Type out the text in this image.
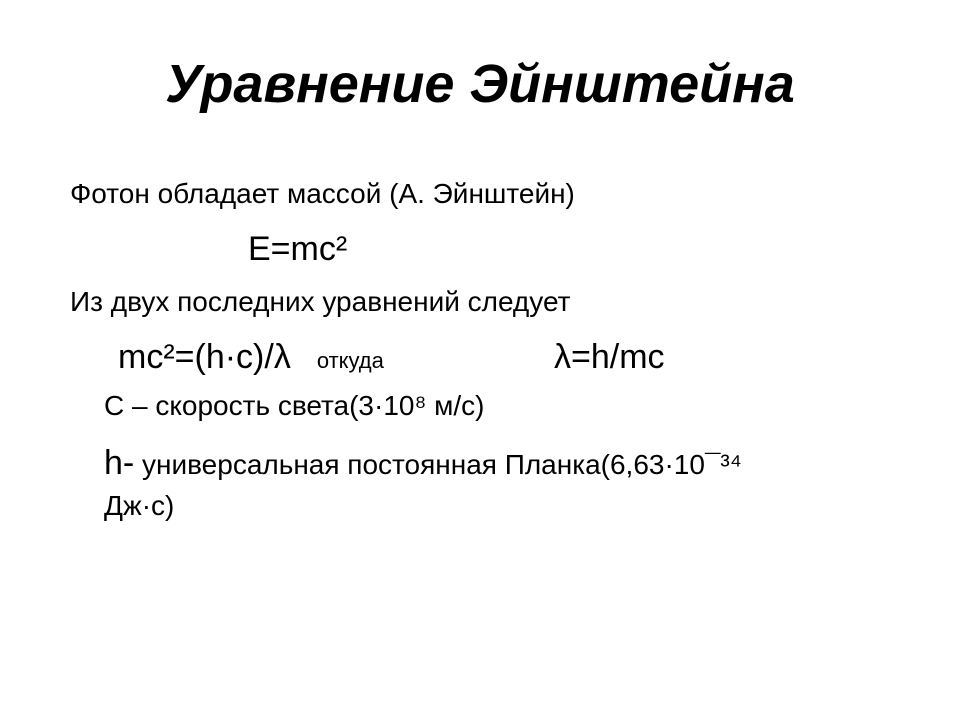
Уравнение Эйнштейна
Фотон обладает массой (А. Эйнштейн)
E=mc²
Из двух последних уравнений следует
mc²=(h·c)/λ откуда	λ=h/mc
С – скорость света(3·10⁸ м/с)
h- универсальная постоянная Планка(6,63·10¯³⁴
Дж·с)
